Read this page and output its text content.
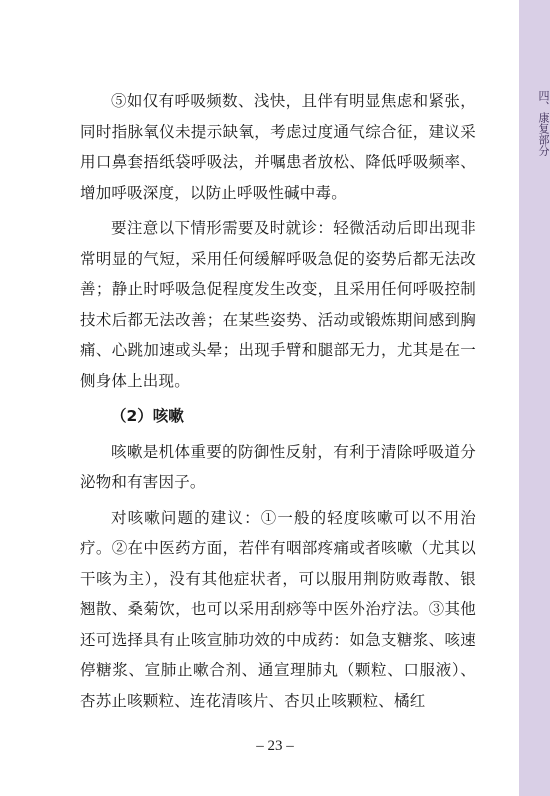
四、康复部分

⑤如仅有呼吸频数、浅快，且伴有明显焦虑和紧张，同时指脉氧仪未提示缺氧，考虑过度通气综合征，建议采用口鼻套捂纸袋呼吸法，并嘱患者放松、降低呼吸频率、增加呼吸深度，以防止呼吸性碱中毒。

要注意以下情形需要及时就诊：轻微活动后即出现非常明显的气短，采用任何缓解呼吸急促的姿势后都无法改善；静止时呼吸急促程度发生改变，且采用任何呼吸控制技术后都无法改善；在某些姿势、活动或锻炼期间感到胸痛、心跳加速或头晕；出现手臂和腿部无力，尤其是在一侧身体上出现。

（2）咳嗽

咳嗽是机体重要的防御性反射，有利于清除呼吸道分泌物和有害因子。

对咳嗽问题的建议：①一般的轻度咳嗽可以不用治疗。②在中医药方面，若伴有咽部疼痛或者咳嗽（尤其以干咳为主），没有其他症状者，可以服用荆防败毒散、银翘散、桑菊饮，也可以采用刮痧等中医外治疗法。③其他还可选择具有止咳宣肺功效的中成药：如急支糖浆、咳速停糖浆、宣肺止嗽合剂、通宣理肺丸（颗粒、口服液）、杏苏止咳颗粒、连花清咳片、杏贝止咳颗粒、橘红

– 23 –
